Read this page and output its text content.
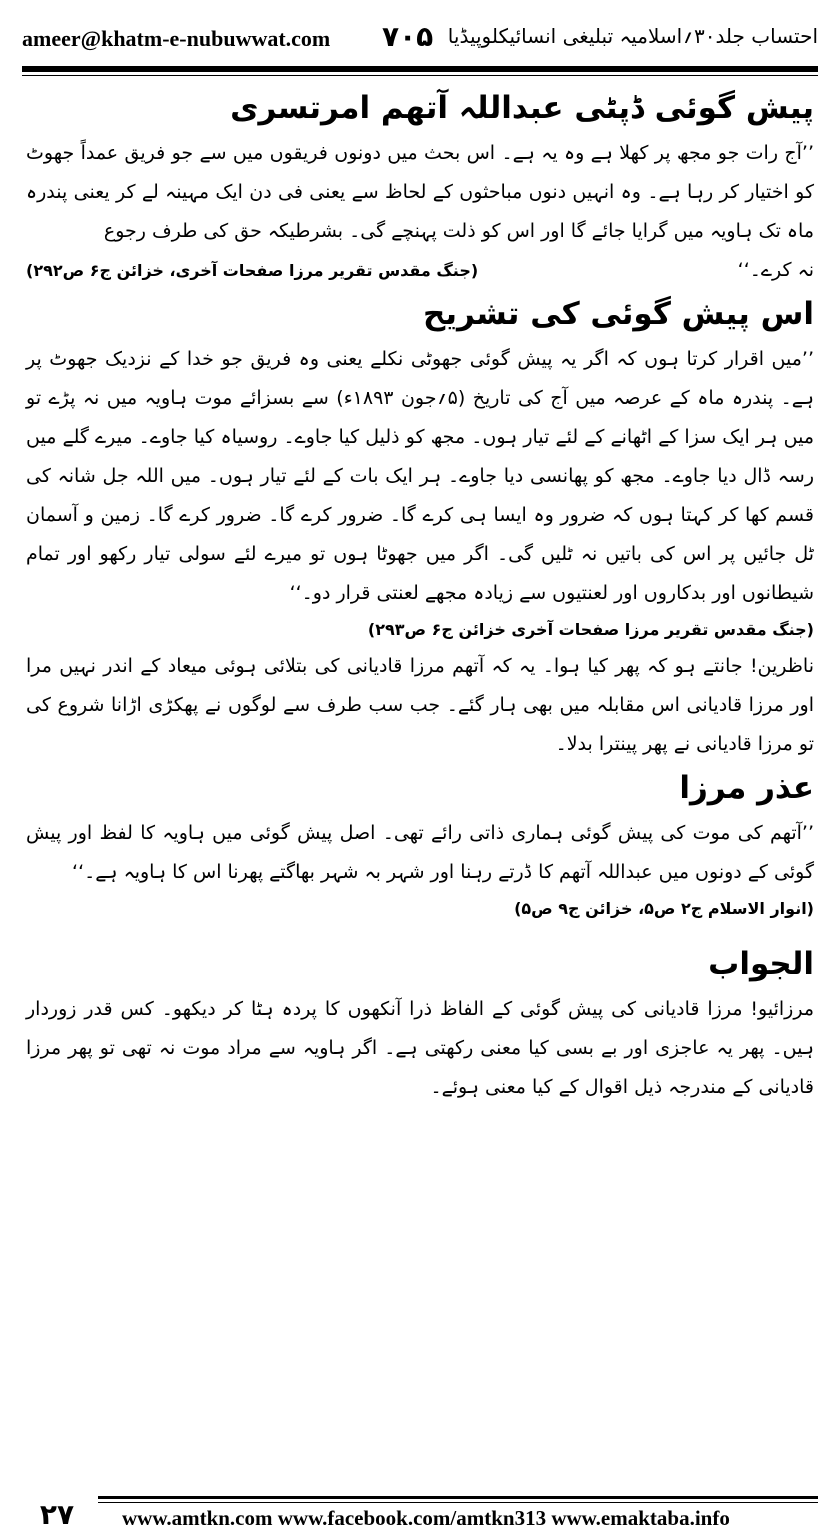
ameer@khatm-e-nubuwwat.com ۷۰۵ احتساب جلد۳۰؍اسلامیہ تبلیغی انسائیکلوپیڈیا
پیش گوئی ڈپٹی عبداللہ آتھم امرتسری

’’آج رات جو مجھ پر کھلا ہے وہ یہ ہے۔ اس بحث میں دونوں فریقوں میں سے جو فریق عمداً جھوٹ کو اختیار کر رہا ہے۔ وہ انہیں دنوں مباحثوں کے لحاظ سے یعنی فی دن ایک مہینہ لے کر یعنی پندرہ ماہ تک ہاویہ میں گرایا جائے گا اور اس کو ذلت پہنچے گی۔ بشرطیکہ حق کی طرف رجوع

نہ کرے۔‘‘
(جنگ مقدس تقریر مرزا صفحات آخری، خزائن ج۶ ص۲۹۲)
اس پیش گوئی کی تشریح

’’میں اقرار کرتا ہوں کہ اگر یہ پیش گوئی جھوٹی نکلے یعنی وہ فریق جو خدا کے نزدیک جھوٹ پر ہے۔ پندرہ ماہ کے عرصہ میں آج کی تاریخ (۵؍جون ۱۸۹۳ء) سے بسزائے موت ہاویہ میں نہ پڑے تو میں ہر ایک سزا کے اٹھانے کے لئے تیار ہوں۔ مجھ کو ذلیل کیا جاوے۔ روسیاہ کیا جاوے۔ میرے گلے میں رسہ ڈال دیا جاوے۔ مجھ کو پھانسی دیا جاوے۔ ہر ایک بات کے لئے تیار ہوں۔ میں اللہ جل شانہ کی قسم کھا کر کہتا ہوں کہ ضرور وہ ایسا ہی کرے گا۔ ضرور کرے گا۔ ضرور کرے گا۔ زمین و آسمان ٹل جائیں پر اس کی باتیں نہ ٹلیں گی۔ اگر میں جھوٹا ہوں تو میرے لئے سولی تیار رکھو اور تمام شیطانوں اور بدکاروں اور لعنتیوں سے زیادہ مجھے لعنتی قرار دو۔‘‘

(جنگ مقدس تقریر مرزا صفحات آخری خزائن ج۶ ص۲۹۳)

ناظرین! جانتے ہو کہ پھر کیا ہوا۔ یہ کہ آتھم مرزا قادیانی کی بتلائی ہوئی میعاد کے اندر نہیں مرا اور مرزا قادیانی اس مقابلہ میں بھی ہار گئے۔ جب سب طرف سے لوگوں نے پھکڑی اڑانا شروع کی تو مرزا قادیانی نے پھر پینترا بدلا۔

عذر مرزا

’’آتھم کی موت کی پیش گوئی ہماری ذاتی رائے تھی۔ اصل پیش گوئی میں ہاویہ کا لفظ اور پیش گوئی کے دونوں میں عبداللہ آتھم کا ڈرتے رہنا اور شہر بہ شہر بھاگتے پھرنا اس کا ہاویہ ہے۔‘‘

(انوار الاسلام ج۲ ص۵، خزائن ج۹ ص۵)

الجواب

مرزائیو! مرزا قادیانی کی پیش گوئی کے الفاظ ذرا آنکھوں کا پردہ ہٹا کر دیکھو۔ کس قدر زوردار ہیں۔ پھر یہ عاجزی اور بے بسی کیا معنی رکھتی ہے۔ اگر ہاویہ سے مراد موت نہ تھی تو پھر مرزا قادیانی کے مندرجہ ذیل اقوال کے کیا معنی ہوئے۔

۲۷	www.amtkn.com www.facebook.com/amtkn313 www.emaktaba.info
